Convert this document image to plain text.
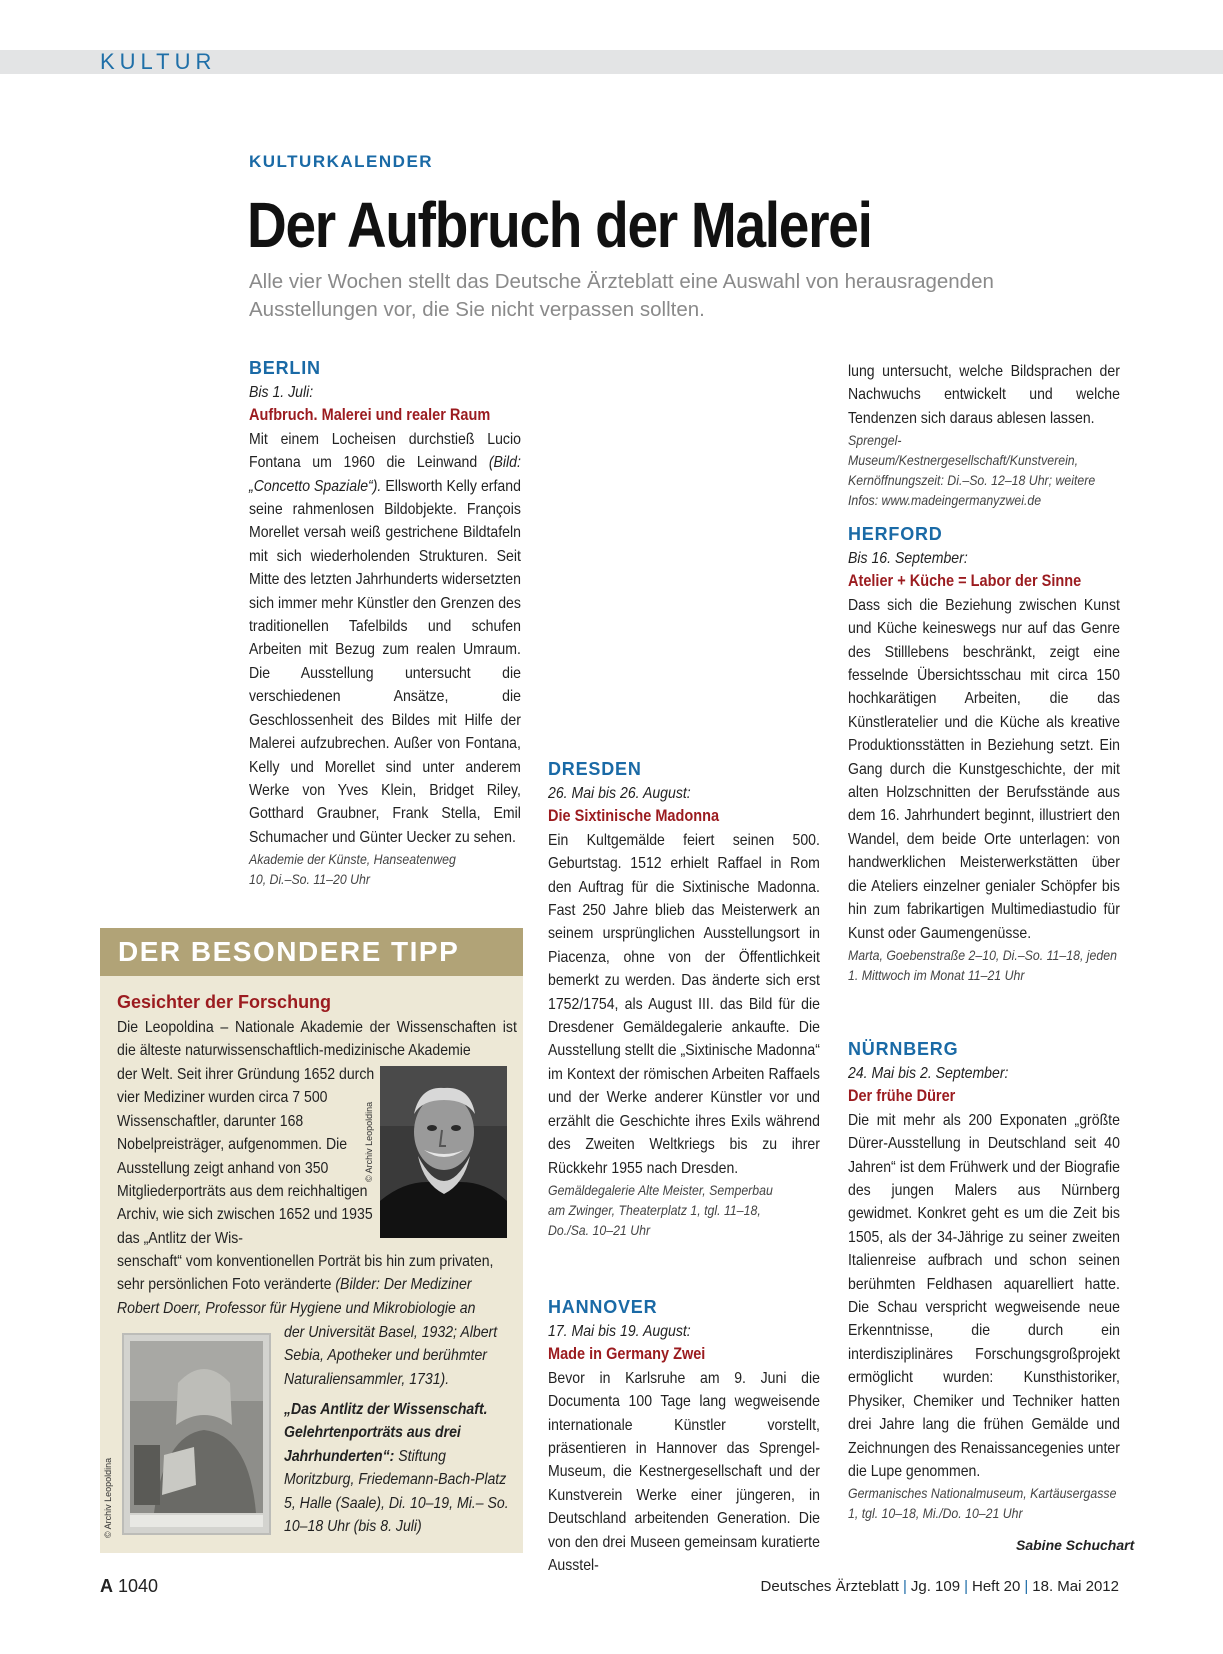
KULTUR
KULTURKALENDER
Der Aufbruch der Malerei
Alle vier Wochen stellt das Deutsche Ärzteblatt eine Auswahl von herausragenden Ausstellungen vor, die Sie nicht verpassen sollten.
BERLIN
Bis 1. Juli:
Aufbruch. Malerei und realer Raum
Mit einem Locheisen durchstieß Lucio Fontana um 1960 die Leinwand (Bild: „Concetto Spaziale“). Ellsworth Kelly erfand seine rahmenlosen Bildobjekte. François Morellet versah weiß gestrichene Bildtafeln mit sich wiederholenden Strukturen. Seit Mitte des letzten Jahrhunderts widersetzten sich immer mehr Künstler den Grenzen des traditionellen Tafelbilds und schufen Arbeiten mit Bezug zum realen Umraum. Die Ausstellung untersucht die verschiedenen Ansätze, die Geschlossenheit des Bildes mit Hilfe der Malerei aufzubrechen. Außer von Fontana, Kelly und Morellet sind unter anderem Werke von Yves Klein, Bridget Riley, Gotthard Graubner, Frank Stella, Emil Schumacher und Günter Uecker zu sehen.
Akademie der Künste, Hanseatenweg 10, Di.–So. 11–20 Uhr
DER BESONDERE TIPP
Gesichter der Forschung
Die Leopoldina – Nationale Akademie der Wissenschaften ist die älteste naturwissenschaftlich-medizinische Akademie
der Welt. Seit ihrer Gründung 1652 durch vier Mediziner wurden circa 7 500 Wissenschaftler, darunter 168 Nobelpreisträger, aufgenommen. Die Ausstellung zeigt anhand von 350 Mitgliederporträts aus dem reichhaltigen Archiv, wie sich zwischen 1652 und 1935 das „Antlitz der Wis-
senschaft“ vom konventionellen Porträt bis hin zum privaten, sehr persönlichen Foto veränderte (Bilder: Der Mediziner Robert Doerr, Professor für Hygiene und Mikrobiologie an
der Universität Basel, 1932; Albert Sebia, Apotheker und berühmter Naturaliensammler, 1731).
„Das Antlitz der Wissenschaft. Gelehrtenporträts aus drei Jahrhunderten“: Stiftung Moritzburg, Friedemann-Bach-Platz 5, Halle (Saale), Di. 10–19, Mi.– So. 10–18 Uhr (bis 8. Juli)
© Archiv Leopoldina
© Archiv Leopoldina
DRESDEN
26. Mai bis 26. August:
Die Sixtinische Madonna
Ein Kultgemälde feiert seinen 500. Geburtstag. 1512 erhielt Raffael in Rom den Auftrag für die Sixtinische Madonna. Fast 250 Jahre blieb das Meisterwerk an seinem ursprünglichen Ausstellungsort in Piacenza, ohne von der Öffentlichkeit bemerkt zu werden. Das änderte sich erst 1752/1754, als August III. das Bild für die Dresdener Gemäldegalerie ankaufte. Die Ausstellung stellt die „Sixtinische Madonna“ im Kontext der römischen Arbeiten Raffaels und der Werke anderer Künstler vor und erzählt die Geschichte ihres Exils während des Zweiten Weltkriegs bis zu ihrer Rückkehr 1955 nach Dresden.
Gemäldegalerie Alte Meister, Semperbau am Zwinger, Theaterplatz 1, tgl. 11–18, Do./Sa. 10–21 Uhr
HANNOVER
17. Mai bis 19. August:
Made in Germany Zwei
Bevor in Karlsruhe am 9. Juni die Documenta 100 Tage lang wegweisende internationale Künstler vorstellt, präsentieren in Hannover das Sprengel-Museum, die Kestnergesellschaft und der Kunstverein Werke einer jüngeren, in Deutschland arbeitenden Generation. Die von den drei Museen gemeinsam kuratierte Ausstel-
lung untersucht, welche Bildsprachen der Nachwuchs entwickelt und welche Tendenzen sich daraus ablesen lassen.
Sprengel-Museum/Kestnergesellschaft/Kunstverein, Kernöffnungszeit: Di.–So. 12–18 Uhr; weitere Infos: www.madeingermanyzwei.de
HERFORD
Bis 16. September:
Atelier + Küche = Labor der Sinne
Dass sich die Beziehung zwischen Kunst und Küche keineswegs nur auf das Genre des Stilllebens beschränkt, zeigt eine fesselnde Übersichtsschau mit circa 150 hochkarätigen Arbeiten, die das Künstleratelier und die Küche als kreative Produktionsstätten in Beziehung setzt. Ein Gang durch die Kunstgeschichte, der mit alten Holzschnitten der Berufsstände aus dem 16. Jahrhundert beginnt, illustriert den Wandel, dem beide Orte unterlagen: von handwerklichen Meisterwerkstätten über die Ateliers einzelner genialer Schöpfer bis hin zum fabrikartigen Multimediastudio für Kunst oder Gaumengenüsse.
Marta, Goebenstraße 2–10, Di.–So. 11–18, jeden 1. Mittwoch im Monat 11–21 Uhr
NÜRNBERG
24. Mai bis 2. September:
Der frühe Dürer
Die mit mehr als 200 Exponaten „größte Dürer-Ausstellung in Deutschland seit 40 Jahren“ ist dem Frühwerk und der Biografie des jungen Malers aus Nürnberg gewidmet. Konkret geht es um die Zeit bis 1505, als der 34-Jährige zu seiner zweiten Italienreise aufbrach und schon seinen berühmten Feldhasen aquarelliert hatte. Die Schau verspricht wegweisende neue Erkenntnisse, die durch ein interdisziplinäres Forschungsgroßprojekt ermöglicht wurden: Kunsthistoriker, Physiker, Chemiker und Techniker hatten drei Jahre lang die frühen Gemälde und Zeichnungen des Renaissancegenies unter die Lupe genommen.
Germanisches Nationalmuseum, Kartäusergasse 1, tgl. 10–18, Mi./Do. 10–21 Uhr
Sabine Schuchart
A 1040	Deutsches Ärzteblatt | Jg. 109 | Heft 20 | 18. Mai 2012
